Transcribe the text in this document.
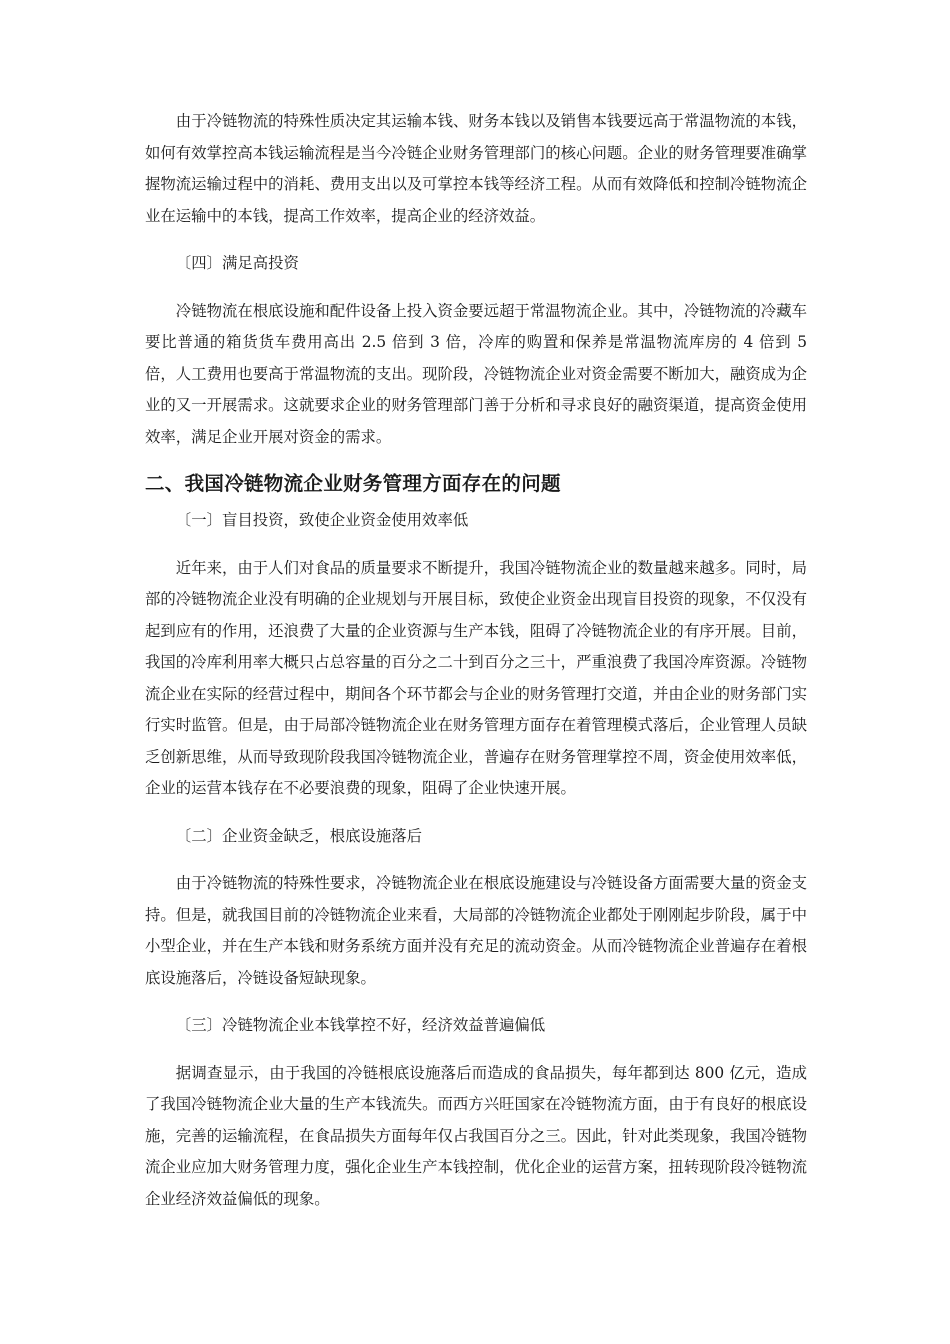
由于冷链物流的特殊性质决定其运输本钱、财务本钱以及销售本钱要远高于常温物流的本钱，如何有效掌控高本钱运输流程是当今冷链企业财务管理部门的核心问题。企业的财务管理要准确掌握物流运输过程中的消耗、费用支出以及可掌控本钱等经济工程。从而有效降低和控制冷链物流企业在运输中的本钱，提高工作效率，提高企业的经济效益。

〔四〕满足高投资

冷链物流在根底设施和配件设备上投入资金要远超于常温物流企业。其中，冷链物流的冷藏车要比普通的箱货货车费用高出 2.5 倍到 3 倍，冷库的购置和保养是常温物流库房的 4 倍到 5 倍，人工费用也要高于常温物流的支出。现阶段，冷链物流企业对资金需要不断加大，融资成为企业的又一开展需求。这就要求企业的财务管理部门善于分析和寻求良好的融资渠道，提高资金使用效率，满足企业开展对资金的需求。

二、我国冷链物流企业财务管理方面存在的问题

〔一〕盲目投资，致使企业资金使用效率低

近年来，由于人们对食品的质量要求不断提升，我国冷链物流企业的数量越来越多。同时，局部的冷链物流企业没有明确的企业规划与开展目标，致使企业资金出现盲目投资的现象，不仅没有起到应有的作用，还浪费了大量的企业资源与生产本钱，阻碍了冷链物流企业的有序开展。目前，我国的冷库利用率大概只占总容量的百分之二十到百分之三十，严重浪费了我国冷库资源。冷链物流企业在实际的经营过程中，期间各个环节都会与企业的财务管理打交道，并由企业的财务部门实行实时监管。但是，由于局部冷链物流企业在财务管理方面存在着管理模式落后，企业管理人员缺乏创新思维，从而导致现阶段我国冷链物流企业，普遍存在财务管理掌控不周，资金使用效率低，企业的运营本钱存在不必要浪费的现象，阻碍了企业快速开展。

〔二〕企业资金缺乏，根底设施落后

由于冷链物流的特殊性要求，冷链物流企业在根底设施建设与冷链设备方面需要大量的资金支持。但是，就我国目前的冷链物流企业来看，大局部的冷链物流企业都处于刚刚起步阶段，属于中小型企业，并在生产本钱和财务系统方面并没有充足的流动资金。从而冷链物流企业普遍存在着根底设施落后，冷链设备短缺现象。

〔三〕冷链物流企业本钱掌控不好，经济效益普遍偏低

据调查显示，由于我国的冷链根底设施落后而造成的食品损失，每年都到达 800 亿元，造成了我国冷链物流企业大量的生产本钱流失。而西方兴旺国家在冷链物流方面，由于有良好的根底设施，完善的运输流程，在食品损失方面每年仅占我国百分之三。因此，针对此类现象，我国冷链物流企业应加大财务管理力度，强化企业生产本钱控制，优化企业的运营方案，扭转现阶段冷链物流企业经济效益偏低的现象。
